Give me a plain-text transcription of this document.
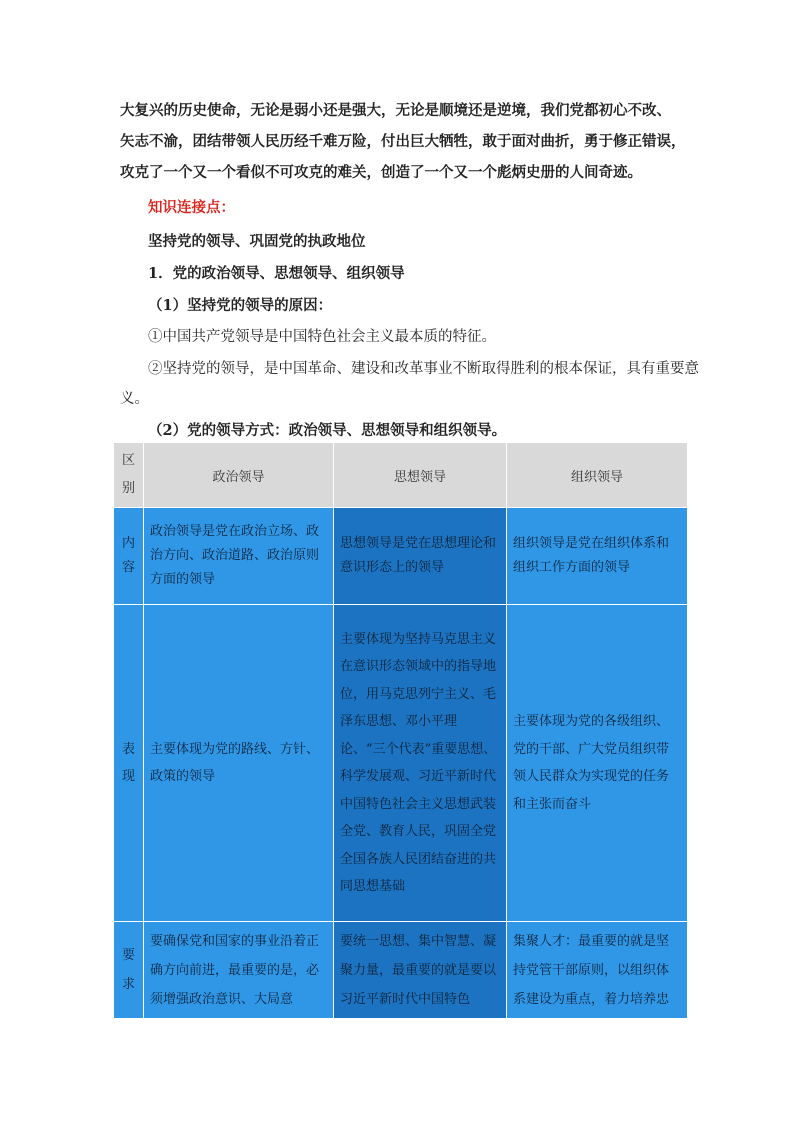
大复兴的历史使命，无论是弱小还是强大，无论是顺境还是逆境，我们党都初心不改、
矢志不渝，团结带领人民历经千难万险，付出巨大牺牲，敢于面对曲折，勇于修正错误，
攻克了一个又一个看似不可攻克的难关，创造了一个又一个彪炳史册的人间奇迹。
知识连接点：
坚持党的领导、巩固党的执政地位
1．党的政治领导、思想领导、组织领导
（1）坚持党的领导的原因：
①中国共产党领导是中国特色社会主义最本质的特征。
②坚持党的领导，是中国革命、建设和改革事业不断取得胜利的根本保证，具有重要意
义。
（2）党的领导方式：政治领导、思想领导和组织领导。
区
别	政治领导	思想领导	组织领导

内
容	政治领导是党在政治立场、政治方向、政治道路、政治原则方面的领导	思想领导是党在思想理论和意识形态上的领导	组织领导是党在组织体系和组织工作方面的领导

表
现	主要体现为党的路线、方针、政策的领导	主要体现为坚持马克思主义在意识形态领域中的指导地位，用马克思列宁主义、毛泽东思想、邓小平理论、“三个代表”重要思想、科学发展观、习近平新时代中国特色社会主义思想武装全党、教育人民，巩固全党全国各族人民团结奋进的共同思想基础	主要体现为党的各级组织、党的干部、广大党员组织带领人民群众为实现党的任务和主张而奋斗

要
求	要确保党和国家的事业沿着正确方向前进，最重要的是，必须增强政治意识、大局意	要统一思想、集中智慧、凝聚力量，最重要的就是要以习近平新时代中国特色	集聚人才：最重要的就是坚持党管干部原则，以组织体系建设为重点，着力培养忠
